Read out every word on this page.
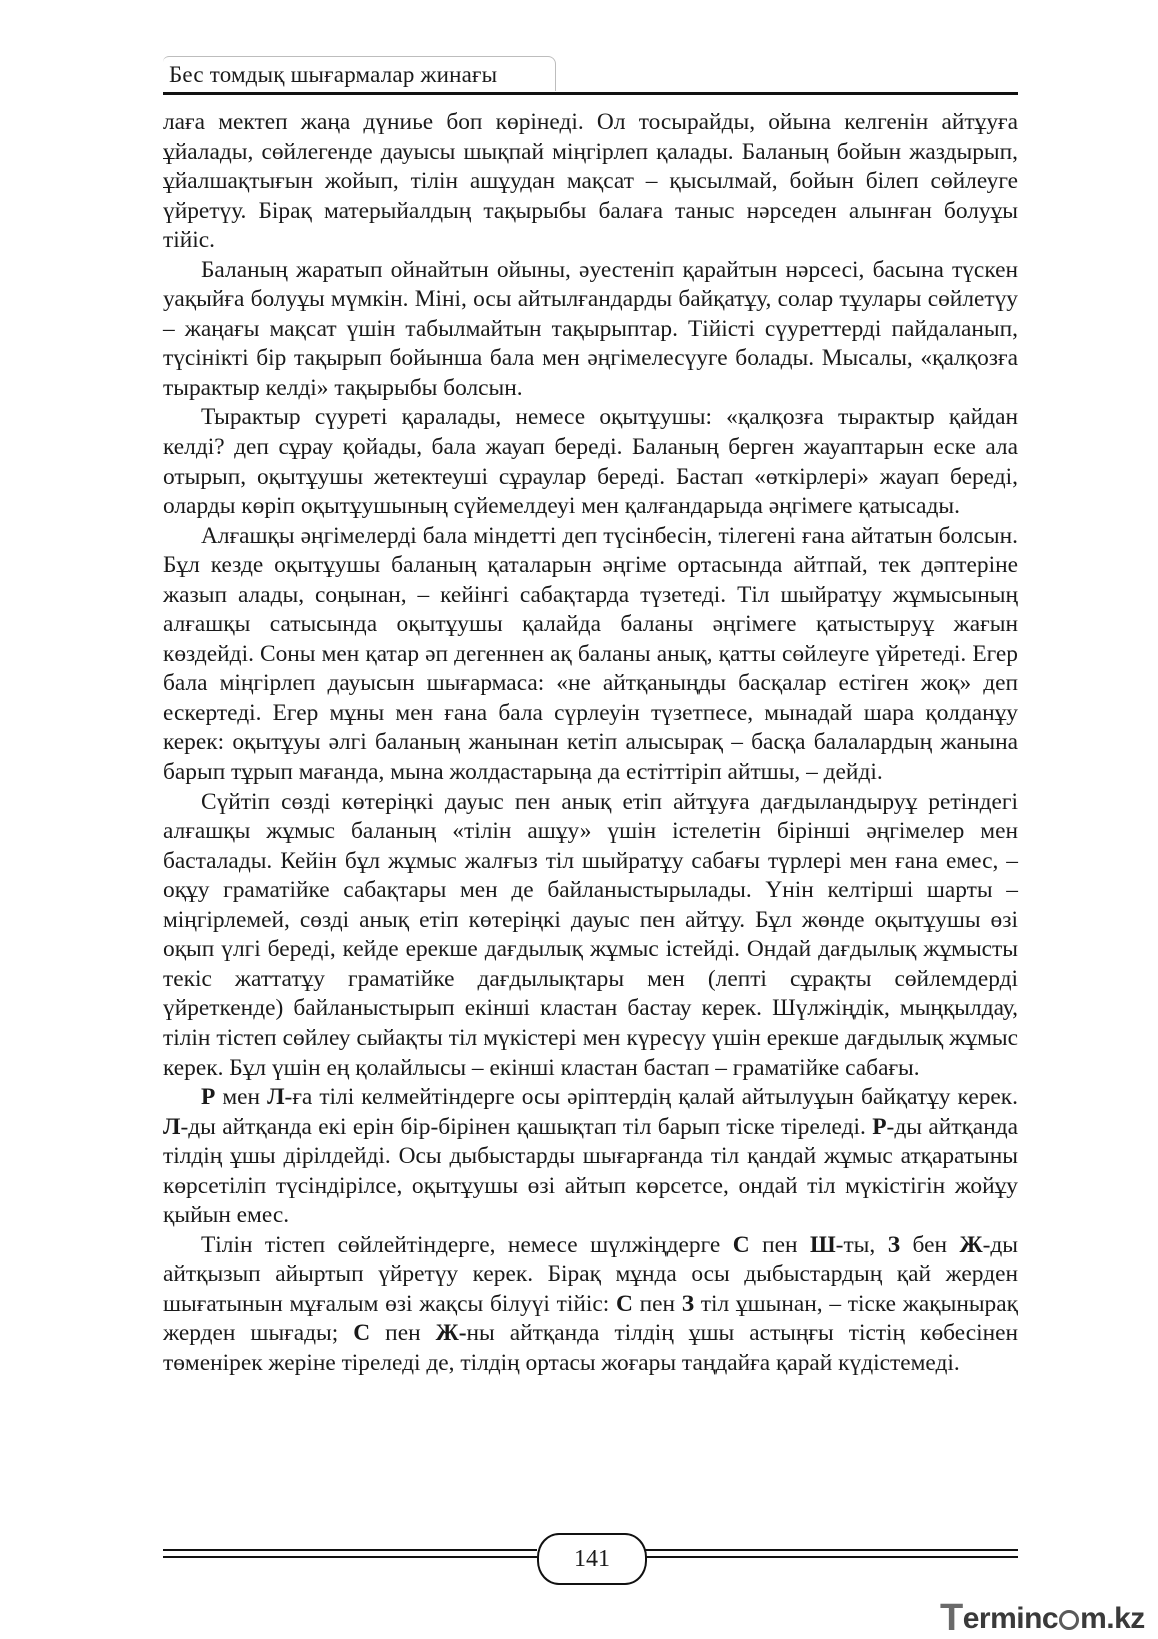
Бес томдық шығармалар жинағы

лаға мектеп жаңа дүниье боп көрінеді. Ол тосырайды, ойына келгенін айтұуға ұйалады, сөйлегенде дауысы шықпай міңгірлеп қалады. Баланың бойын жаздырып, ұйалшақтығын жойып, тілін ашұудан мақсат – қысылмай, бойын білеп сөйлеуге үйретүу. Бірақ матерыйалдың тақырыбы балаға таныс нәрседен алынған болуұы тійіс.

Баланың жаратып ойнайтын ойыны, әуестеніп қарайтын нәрсесі, басына түскен уақыйға болуұы мүмкін. Міні, осы айтылғандарды байқатұу, солар тұулары сөйлетүу – жаңағы мақсат үшін табылмайтын тақырыптар. Тійісті сүуреттерді пайдаланып, түсінікті бір тақырып бойынша бала мен әңгімелесүуге болады. Мысалы, «қалқозға тырактыр келді» тақырыбы болсын.

Тырактыр сүуреті қаралады, немесе оқытұушы: «қалқозға тырактыр қайдан келді? деп сұрау қойады, бала жауап береді. Баланың берген жауаптарын еске ала отырып, оқытұушы жетектеуші сұраулар береді. Бастап «өткірлері» жауап береді, оларды көріп оқытұушының сүйемелдеуі мен қалғандарыда әңгімеге қатысады.

Алғашқы әңгімелерді бала міндетті деп түсінбесін, тілегені ғана айтатын болсын. Бұл кезде оқытұушы баланың қаталарын әңгіме ортасында айтпай, тек дәптеріне жазып алады, соңынан, – кейінгі сабақтарда түзетеді. Тіл шыйратұу жұмысының алғашқы сатысында оқытұушы қалайда баланы әңгімеге қатыстыруұ жағын көздейді. Соны мен қатар әп дегеннен ақ баланы анық, қатты сөйлеуге үйретеді. Егер бала міңгірлеп дауысын шығармаса: «не айтқаныңды басқалар естіген жоқ» деп ескертеді. Егер мұны мен ғана бала сүрлеуін түзетпесе, мынадай шара қолданұу керек: оқытұуы әлгі баланың жанынан кетіп алысырақ – басқа балалардың жанына барып тұрып мағанда, мына жолдастарыңа да естіттіріп айтшы, – дейді.

Сүйтіп сөзді көтеріңкі дауыс пен анық етіп айтұуға дағдыландыруұ ретіндегі алғашқы жұмыс баланың «тілін ашұу» үшін істелетін бірінші әңгімелер мен басталады. Кейін бұл жұмыс жалғыз тіл шыйратұу сабағы түрлері мен ғана емес, – оқұу граматійке сабақтары мен де байланыстырылады. Үнін келтірші шарты – міңгірлемей, сөзді анық етіп көтеріңкі дауыс пен айтұу. Бұл жөнде оқытұушы өзі оқып үлгі береді, кейде ерекше дағдылық жұмыс істейді. Ондай дағдылық жұмысты текіс жаттатұу граматійке дағдылықтары мен (лепті сұрақты сөйлемдерді үйреткенде) байланыстырып екінші кластан бастау керек. Шүлжіңдік, мыңқылдау, тілін тістеп сөйлеу сыйақты тіл мүкістері мен күресүу үшін ерекше дағдылық жұмыс керек. Бұл үшін ең қолайлысы – екінші кластан бастап – граматійке сабағы.

Р мен Л-ға тілі келмейтіндерге осы әріптердің қалай айтылуұын байқатұу керек. Л-ды айтқанда екі ерін бір-бірінен қашықтап тіл барып тіске тіреледі. Р-ды айтқанда тілдің ұшы дірілдейді. Осы дыбыстарды шығарғанда тіл қандай жұмыс атқаратыны көрсетіліп түсіндірілсе, оқытұушы өзі айтып көрсетсе, ондай тіл мүкістігін жойұу қыйын емес.

Тілін тістеп сөйлейтіндерге, немесе шүлжіңдерге С пен Ш-ты, З бен Ж-ды айтқызып айыртып үйретүу керек. Бірақ мұнда осы дыбыстардың қай жерден шығатынын мұғалым өзі жақсы білуүі тійіс: С пен З тіл ұшынан, – тіске жақынырақ жерден шығады; С пен Ж-ны айтқанда тілдің ұшы астыңғы тістің көбесінен төменірек жеріне тіреледі де, тілдің ортасы жоғары таңдайға қарай күдістемеді.

141
Terminc m.kz
